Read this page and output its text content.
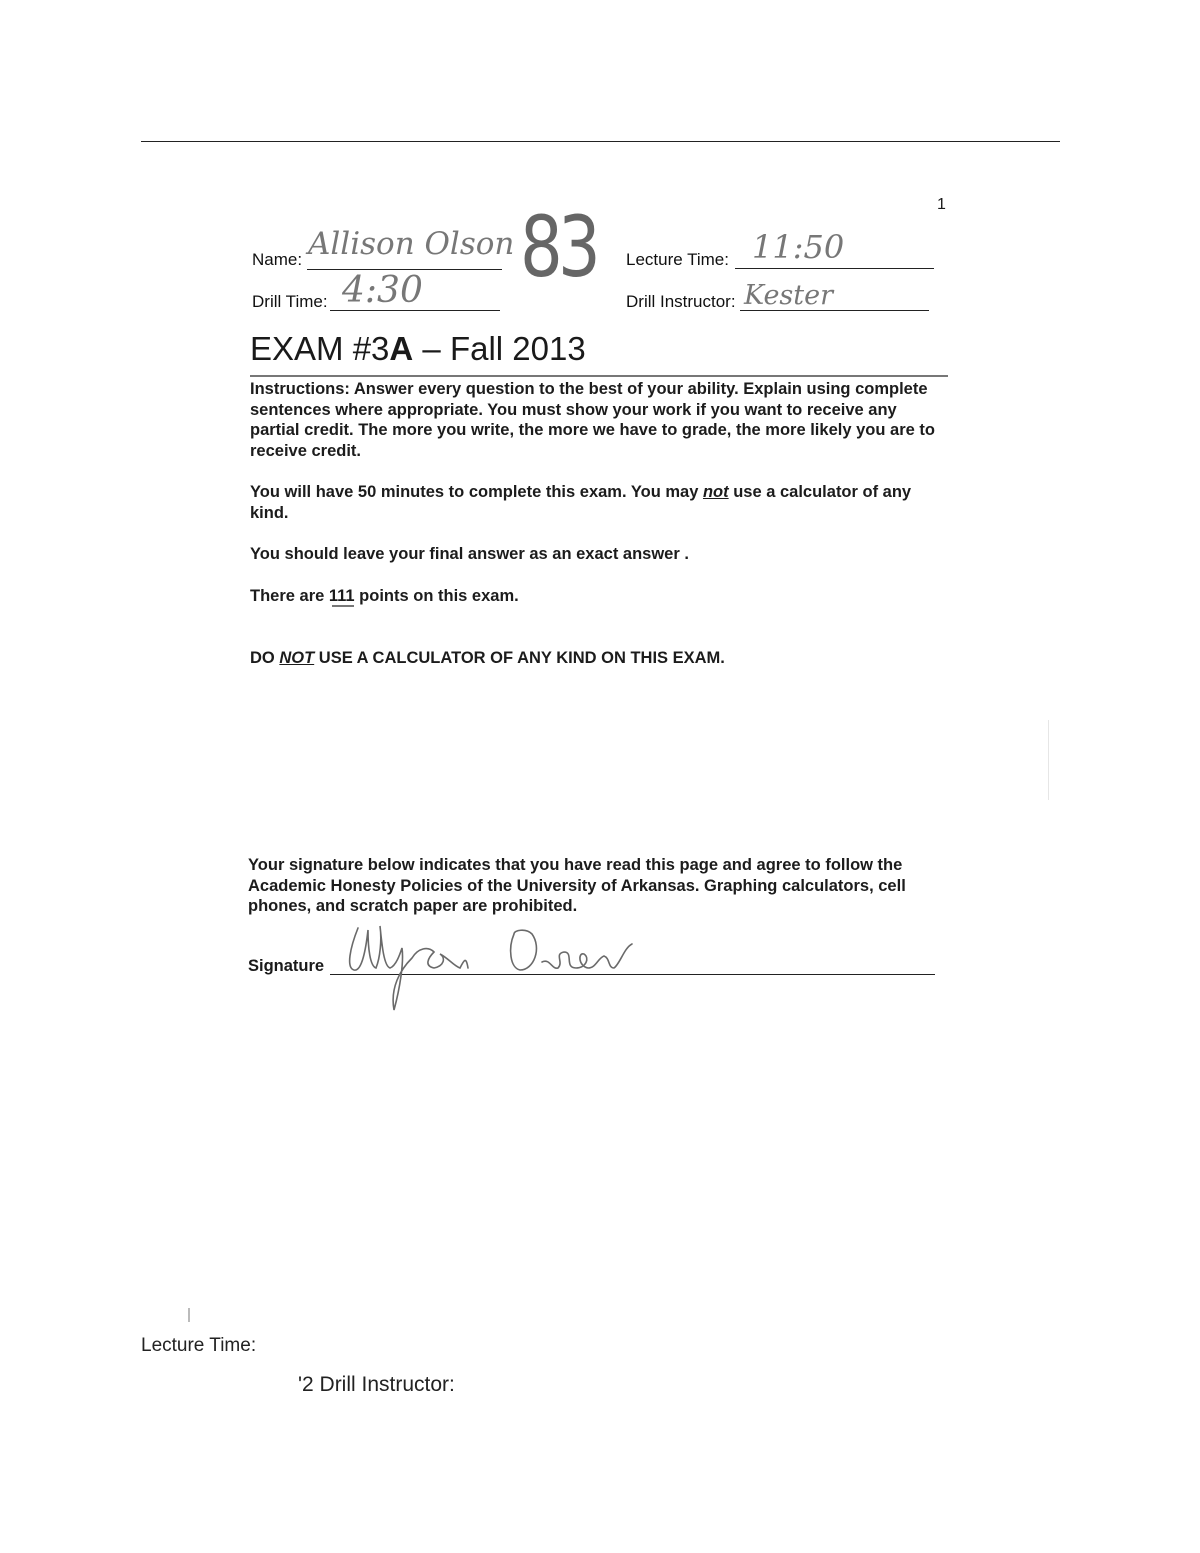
1
Name: Allison Olson	Lecture Time: 11:50
Drill Time: 4:30	Drill Instructor: Kester
83
EXAM #3A – Fall 2013
Instructions: Answer every question to the best of your ability. Explain using complete sentences where appropriate. You must show your work if you want to receive any partial credit. The more you write, the more we have to grade, the more likely you are to receive credit.
You will have 50 minutes to complete this exam. You may not use a calculator of any kind.
You should leave your final answer as an exact answer .
There are 111 points on this exam.
DO NOT USE A CALCULATOR OF ANY KIND ON THIS EXAM.
Your signature below indicates that you have read this page and agree to follow the Academic Honesty Policies of the University of Arkansas. Graphing calculators, cell phones, and scratch paper are prohibited.
Signature
Lecture Time:
'2 Drill Instructor:
